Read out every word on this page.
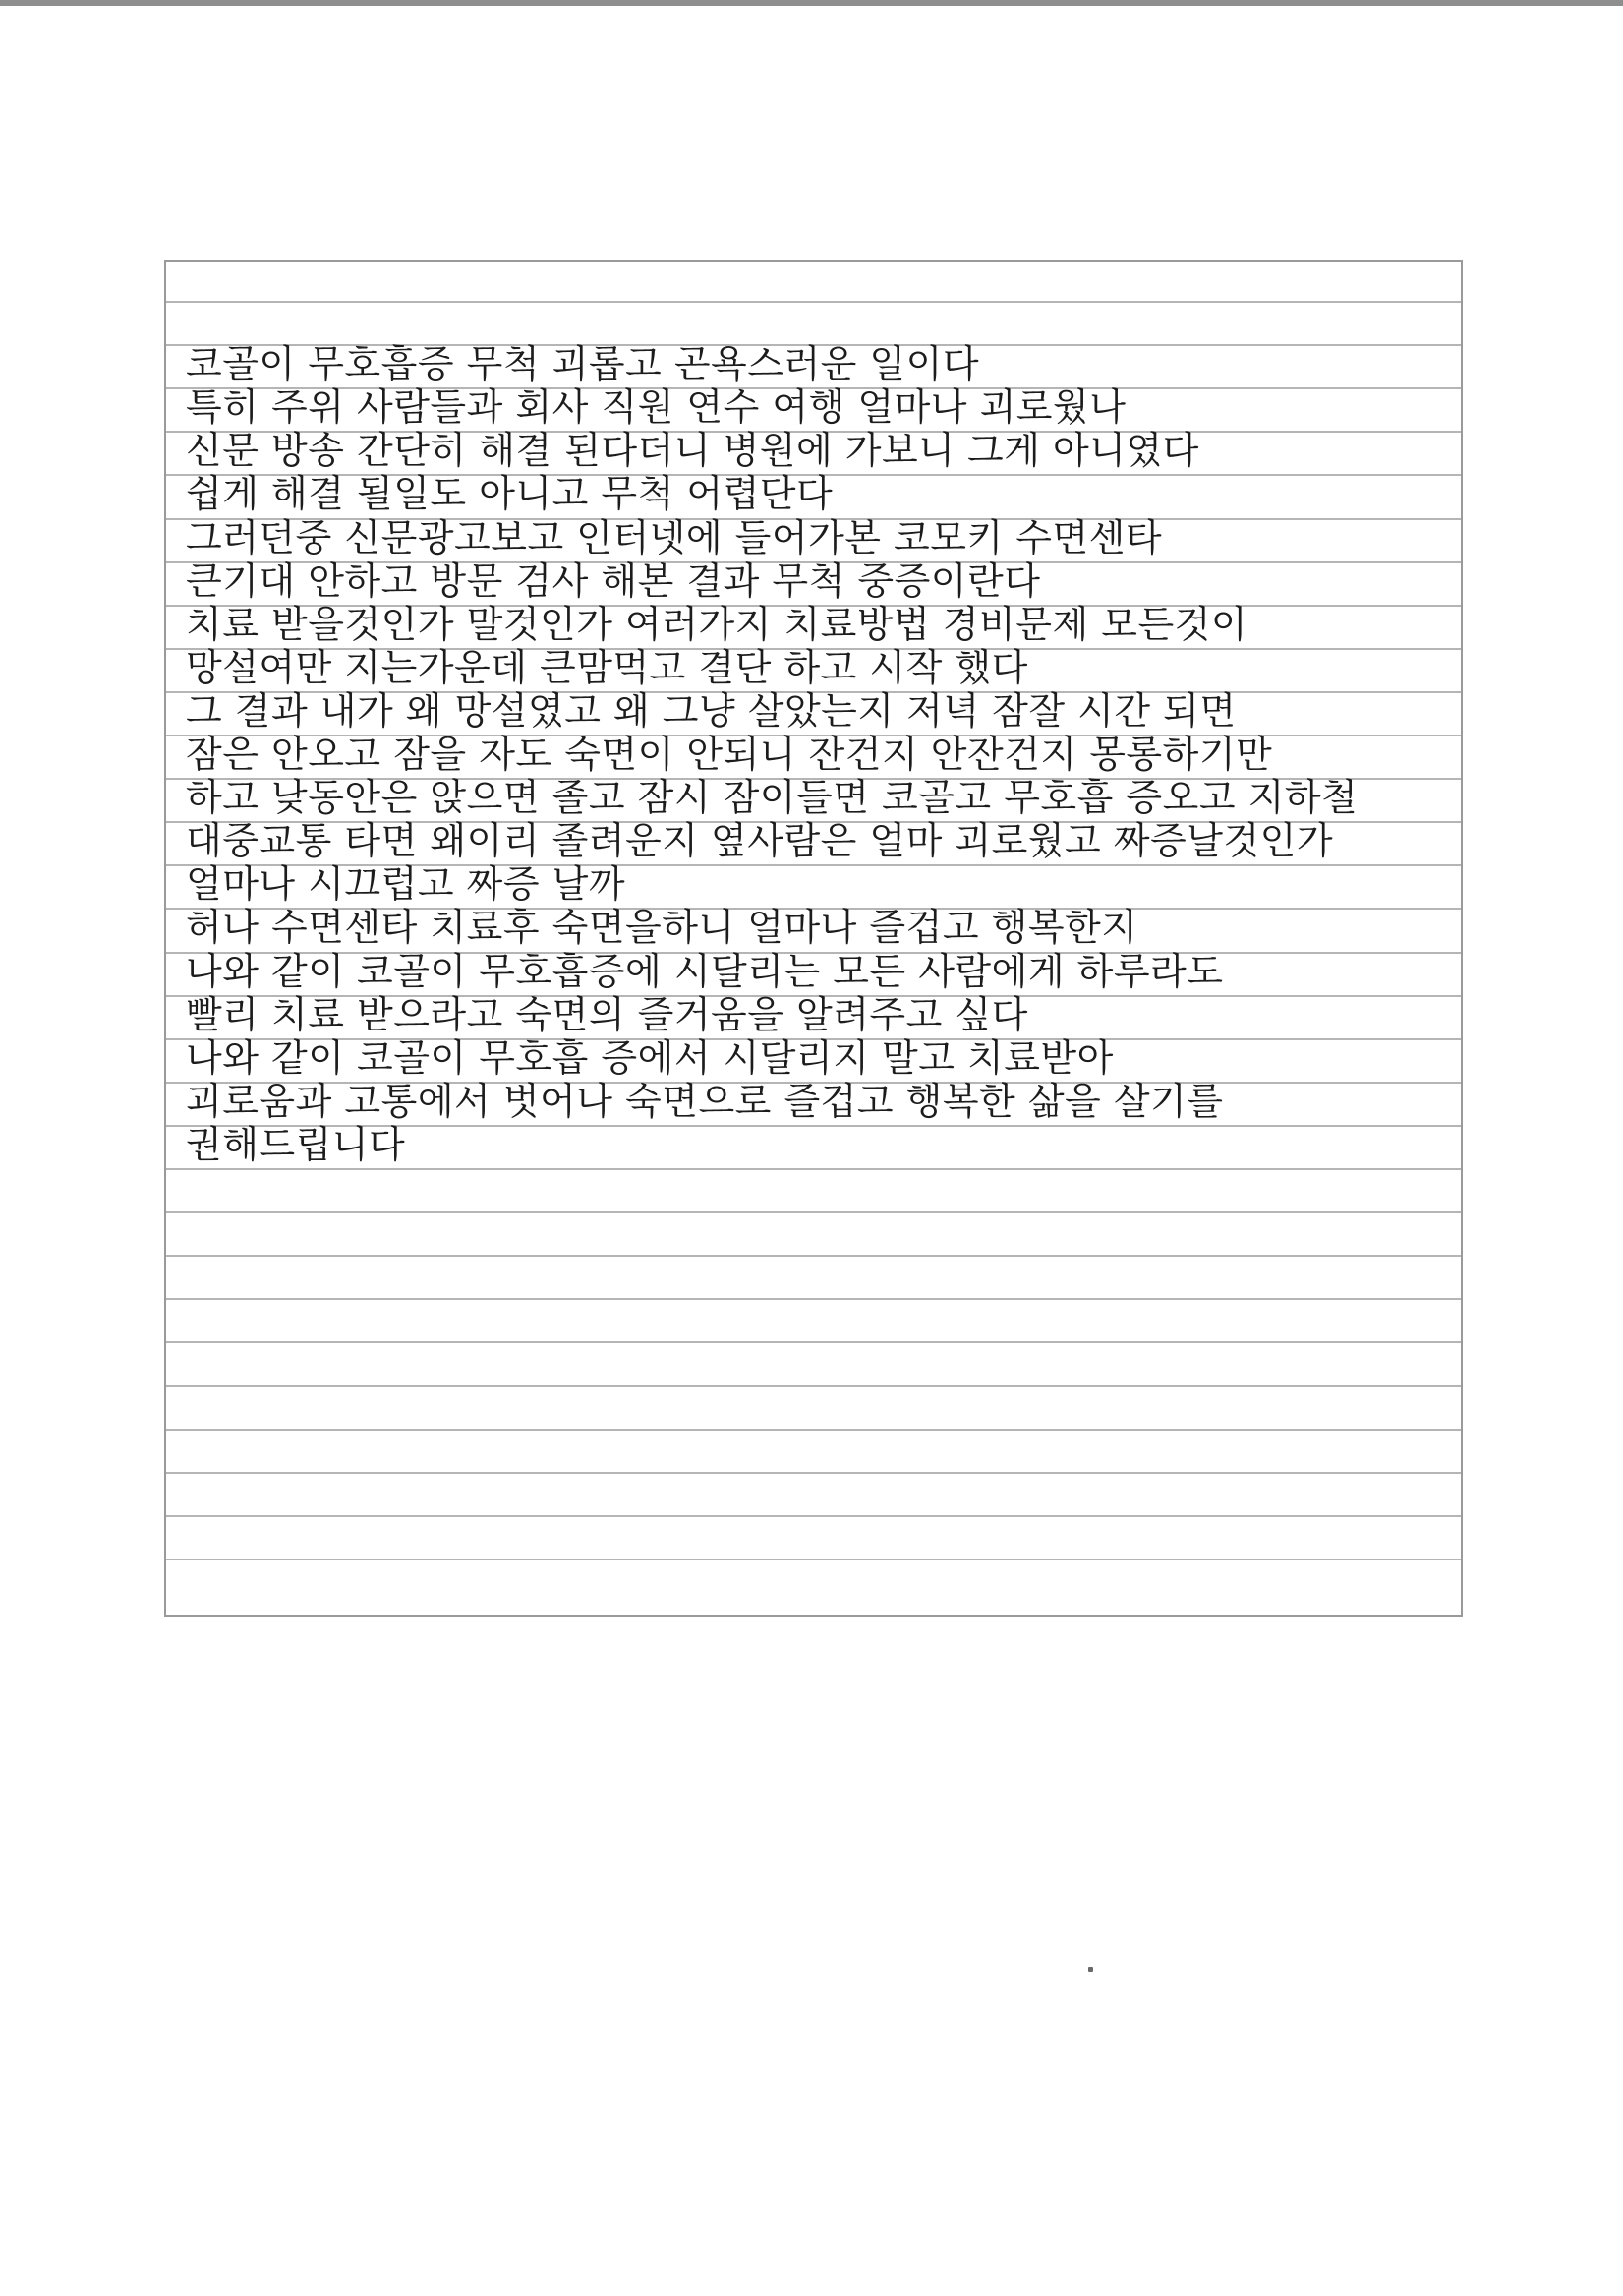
코골이 무호흡증 무척 괴롭고 곤욕스러운 일이다
특히 주위 사람들과 회사 직원 연수 여행 얼마나 괴로웠나
신문 방송 간단히 해결 된다더니 병원에 가보니 그게 아니였다
쉽게 해결 될일도 아니고 무척 어렵단다
그러던중 신문광고보고 인터넷에 들어가본 코모키 수면센타
큰기대 안하고 방문 검사 해본 결과 무척 중증이란다
치료 받을것인가 말것인가 여러가지 치료방법 경비문제 모든것이
망설여만 지는가운데 큰맘먹고 결단 하고 시작 했다
그 결과 내가 왜 망설였고 왜 그냥 살았는지 저녁 잠잘 시간 되면
잠은 안오고 잠을 자도 숙면이 안되니 잔건지 안잔건지 몽롱하기만
하고 낮동안은 앉으면 졸고 잠시 잠이들면 코골고 무호흡 증오고 지하철
대중교통 타면 왜이리 졸려운지 옆사람은 얼마 괴로웠고 짜증날것인가
얼마나 시끄럽고 짜증 날까
허나 수면센타 치료후 숙면을하니 얼마나 즐겁고 행복한지
나와 같이 코골이 무호흡증에 시달리는 모든 사람에게 하루라도
빨리 치료 받으라고 숙면의 즐거움을 알려주고 싶다
나와 같이 코골이 무호흡 증에서 시달리지 말고 치료받아
괴로움과 고통에서 벗어나 숙면으로 즐겁고 행복한 삶을 살기를
권해드립니다
